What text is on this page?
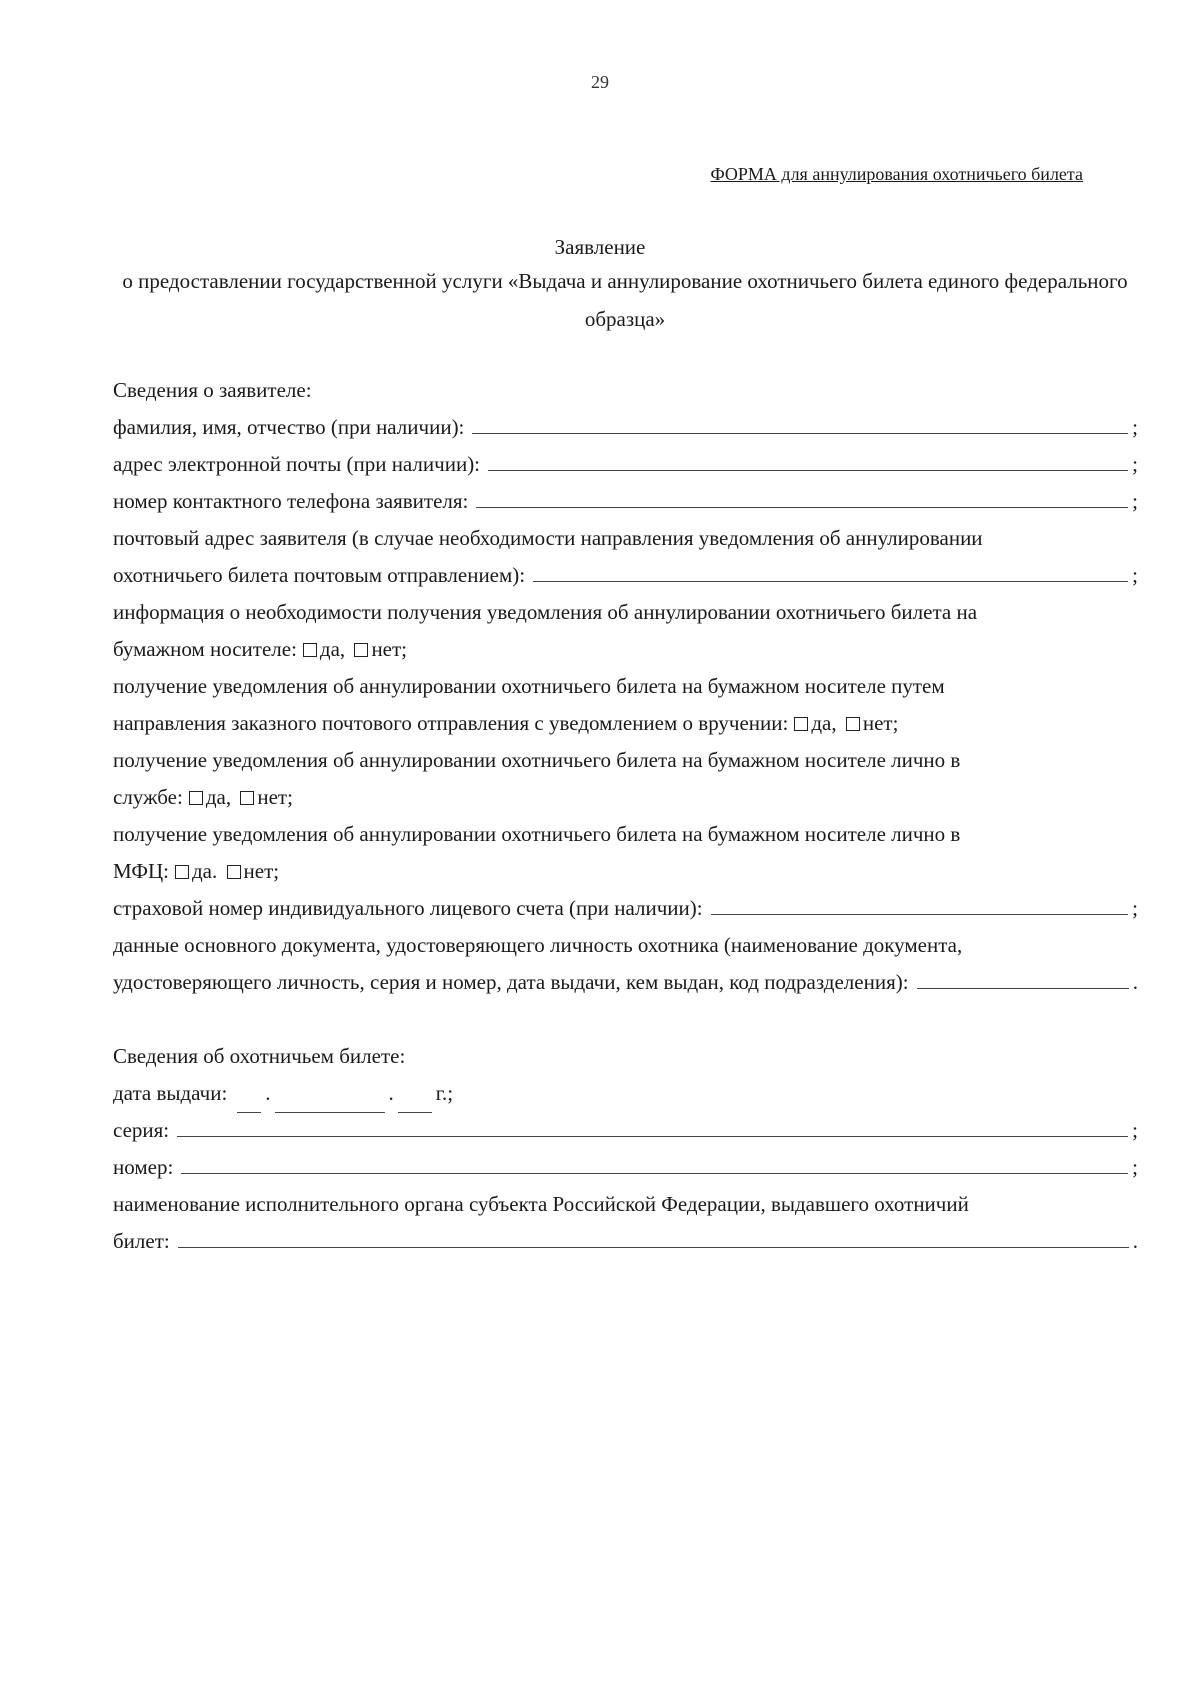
29
ФОРМА для аннулирования охотничьего билета
Заявление
о предоставлении государственной услуги «Выдача и аннулирование охотничьего билета единого федерального образца»
Сведения о заявителе:
фамилия, имя, отчество (при наличии):	;
адрес электронной почты (при наличии):	;
номер контактного телефона заявителя:	;
почтовый адрес заявителя (в случае необходимости направления уведомления об аннулировании
охотничьего билета почтовым отправлением):	;
информация о необходимости получения уведомления об аннулировании охотничьего билета на
бумажном носителе:	да, нет;
получение уведомления об аннулировании охотничьего билета на бумажном носителе путем
направления заказного почтового отправления с уведомлением о вручении:	да, нет;
получение уведомления об аннулировании охотничьего билета на бумажном носителе лично в
службе:	да, нет;
получение уведомления об аннулировании охотничьего билета на бумажном носителе лично в
МФЦ:	да. нет;
страховой номер индивидуального лицевого счета (при наличии):	;
данные основного документа, удостоверяющего личность охотника (наименование документа,
удостоверяющего личность, серия и номер, дата выдачи, кем выдан, код подразделения):	.
Сведения об охотничьем билете:
дата выдачи:	.	.	г.;
серия:	;
номер:	;
наименование исполнительного органа субъекта Российской Федерации, выдавшего охотничий
билет:	.
